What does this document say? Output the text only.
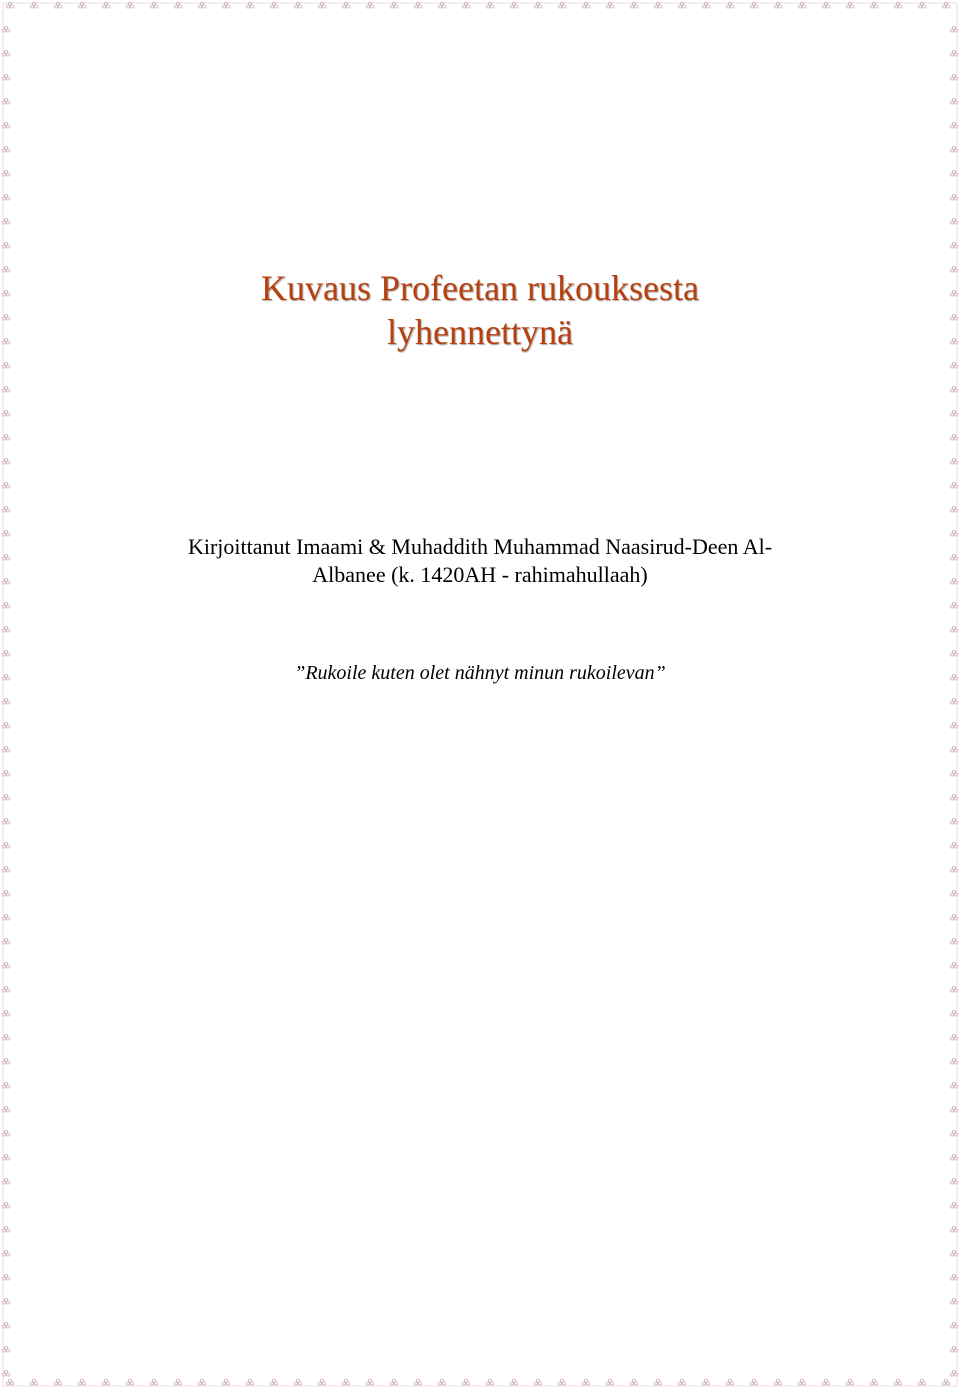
Kuvaus Profeetan rukouksesta
lyhennettynä

Kirjoittanut Imaami & Muhaddith Muhammad Naasirud-Deen Al-
Albanee (k. 1420AH - rahimahullaah)

”Rukoile kuten olet nähnyt minun rukoilevan”
